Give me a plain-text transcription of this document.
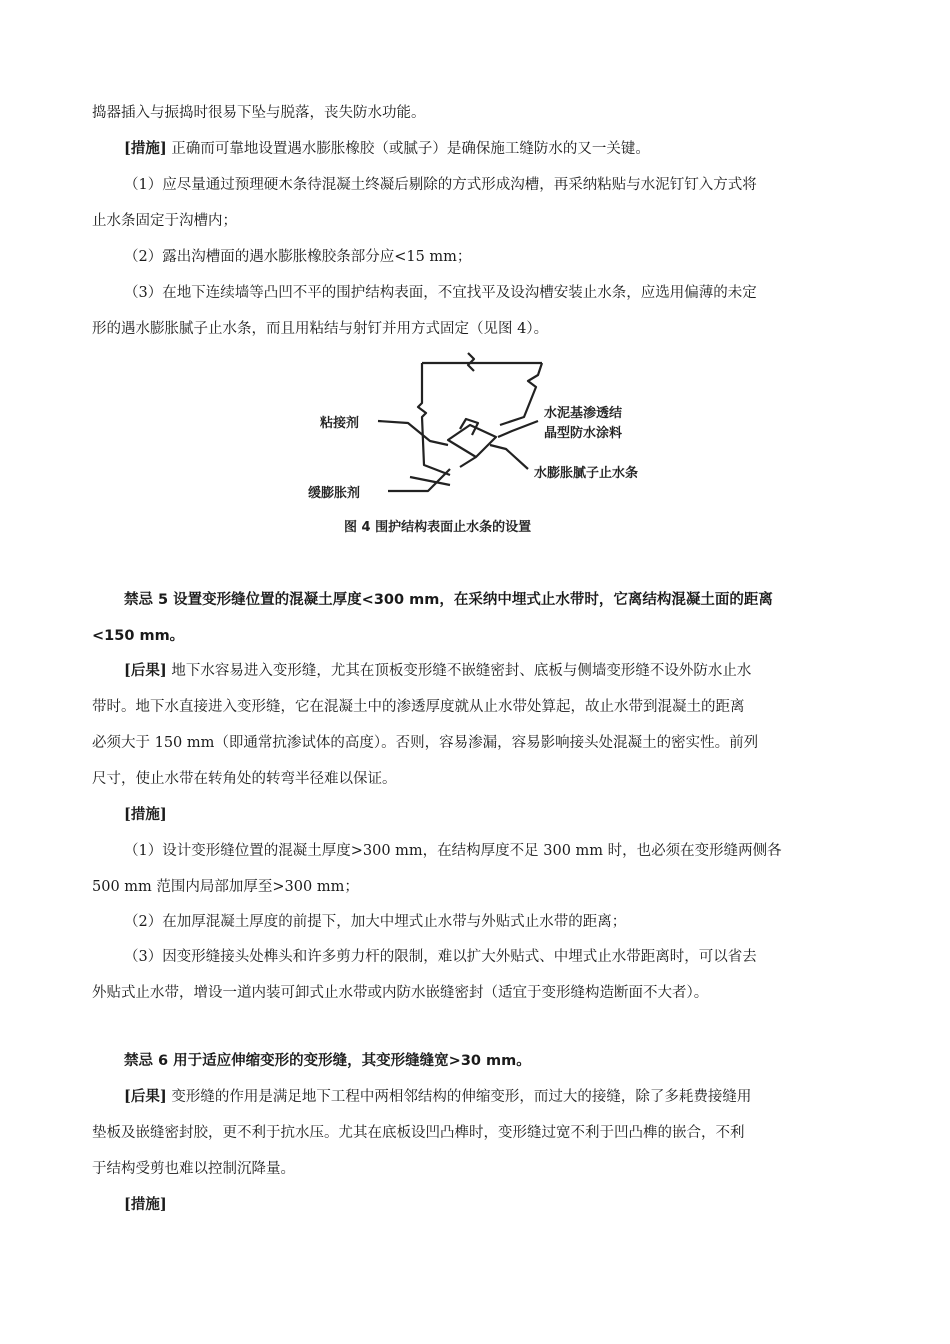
捣器插入与振捣时很易下坠与脱落，丧失防水功能。
[措施] 正确而可靠地设置遇水膨胀橡胶（或腻子）是确保施工缝防水的又一关键。
（1）应尽量通过预理硬木条待混凝土终凝后剔除的方式形成沟槽，再采纳粘贴与水泥钉钉入方式将
止水条固定于沟槽内；
（2）露出沟槽面的遇水膨胀橡胶条部分应<15 mm；
（3）在地下连续墙等凸凹不平的围护结构表面，不宜找平及设沟槽安装止水条，应选用偏薄的未定
形的遇水膨胀腻子止水条，而且用粘结与射钉并用方式固定（见图 4）。
粘接剂
缓膨胀剂
水泥基渗透结
晶型防水涂料
水膨胀腻子止水条
图 4 围护结构表面止水条的设置
禁忌 5 设置变形缝位置的混凝土厚度<300 mm，在采纳中埋式止水带时，它离结构混凝土面的距离
<150 mm。
[后果] 地下水容易进入变形缝，尤其在顶板变形缝不嵌缝密封、底板与侧墙变形缝不设外防水止水
带时。地下水直接进入变形缝，它在混凝土中的渗透厚度就从止水带处算起，故止水带到混凝土的距离
必须大于 150 mm（即通常抗渗试体的高度）。否则，容易渗漏，容易影响接头处混凝土的密实性。前列
尺寸，使止水带在转角处的转弯半径难以保证。
[措施]
（1）设计变形缝位置的混凝土厚度>300 mm，在结构厚度不足 300 mm 时，也必须在变形缝两侧各
500 mm 范围内局部加厚至>300 mm；
（2）在加厚混凝土厚度的前提下，加大中埋式止水带与外贴式止水带的距离；
（3）因变形缝接头处榫头和许多剪力杆的限制，难以扩大外贴式、中埋式止水带距离时，可以省去
外贴式止水带，增设一道内装可卸式止水带或内防水嵌缝密封（适宜于变形缝构造断面不大者）。
禁忌 6 用于适应伸缩变形的变形缝，其变形缝缝宽>30 mm。
[后果] 变形缝的作用是满足地下工程中两相邻结构的伸缩变形，而过大的接缝，除了多耗费接缝用
垫板及嵌缝密封胶，更不利于抗水压。尤其在底板设凹凸榫时，变形缝过宽不利于凹凸榫的嵌合，不利
于结构受剪也难以控制沉降量。
[措施]
